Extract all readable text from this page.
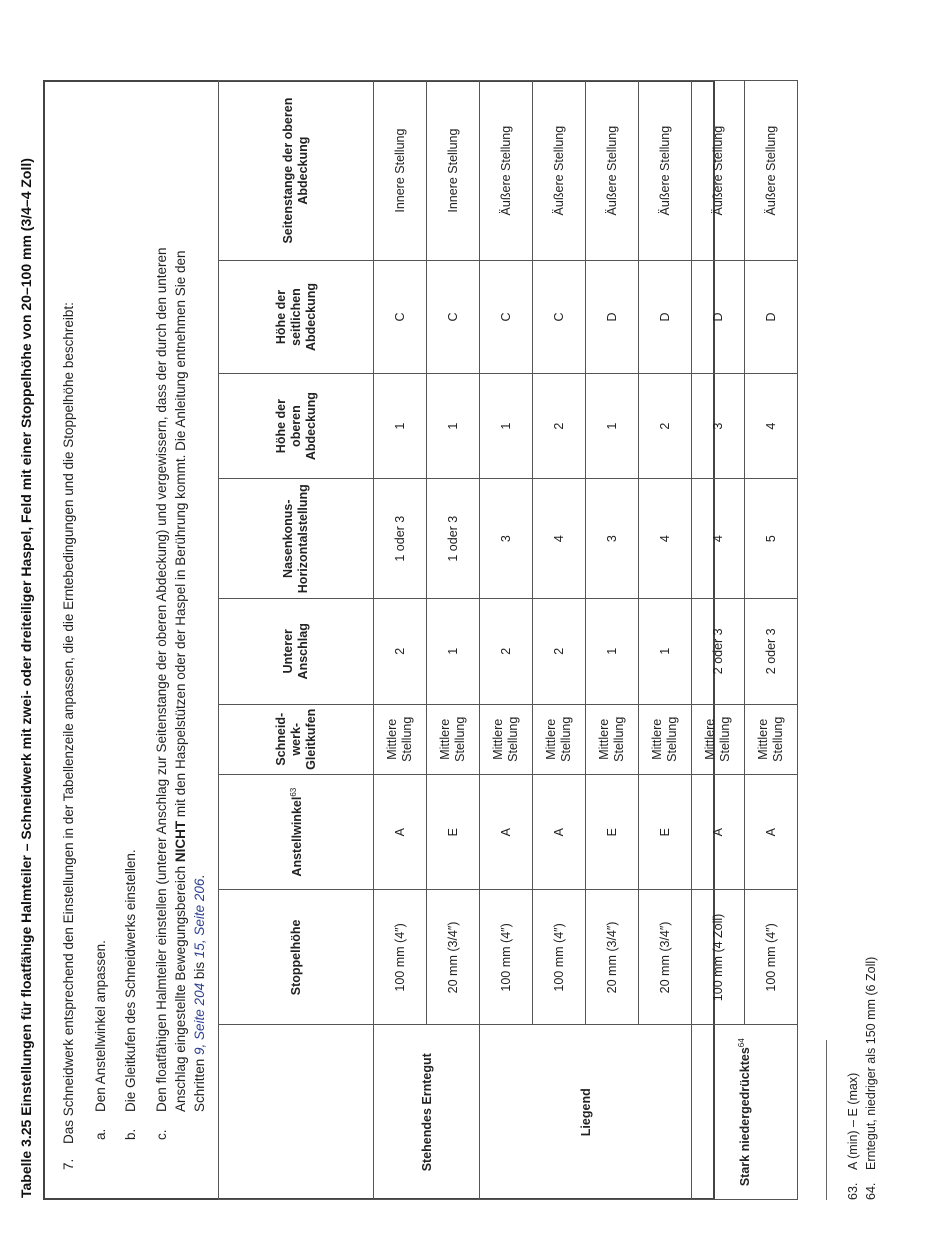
Tabelle 3.25 Einstellungen für floatfähige Halmteiler – Schneidwerk mit zwei- oder dreiteiliger Haspel, Feld mit einer Stoppelhöhe von 20–100 mm (3/4–4 Zoll) 7.
Das Schneidwerk entsprechend den Einstellungen in der Tabellenzeile anpassen, die die Erntebedingungen und die Stoppelhöhe beschreibt: a.
Den Anstellwinkel anpassen.
b.
Die Gleitkufen des Schneidwerks einstellen.
c.
Den floatfähigen Halmteiler einstellen (unterer Anschlag zur Seitenstange der oberen Abdeckung) und vergewissern, dass der durch den unteren Anschlag eingestellte Bewegungsbereich NICHT mit den Haspelstützen oder der Haspel in Berührung kommt. Die Anleitung entnehmen Sie den
Schritten 9, Seite 204 bis 15, Seite 206.
	Stoppelhöhe	Anstellwinkel$^{63}$	Schneidwerk-Gleitkufen	Unterer Anschlag	Nasenkonus-Horizontalstellung	Höhe der oberen Abdeckung	Höhe der seitlichen Abdeckung	Seitenstange der oberen Abdeckung
Stehendes Erntegut	100 mm (4″)	A	Mittlere Stellung	2	1 oder 3	1	C	Innere Stellung
	20 mm (3/4″)	E	Mittlere Stellung	1	1 oder 3	1	C	Innere Stellung
Liegend	100 mm (4″)	A	Mittlere Stellung	2	3	1	C	Äußere Stellung
	100 mm (4″)	A	Mittlere Stellung	2	4	2	C	Äußere Stellung
	20 mm (3/4″)	E	Mittlere Stellung	1	3	1	D	Äußere Stellung
	20 mm (3/4″)	E	Mittlere Stellung	1	4	2	D	Äußere Stellung
Stark niedergedrücktes$^{64}$	100 mm (4 Zoll)	A	Mittlere Stellung	2 oder 3	4	3	D	Äußere Stellung
	100 mm (4″)	A	Mittlere Stellung	2 oder 3	5	4	D	Äußere Stellung
63.A (min) – E (max)
64.Erntegut, niedriger als 150 mm (6 Zoll)
